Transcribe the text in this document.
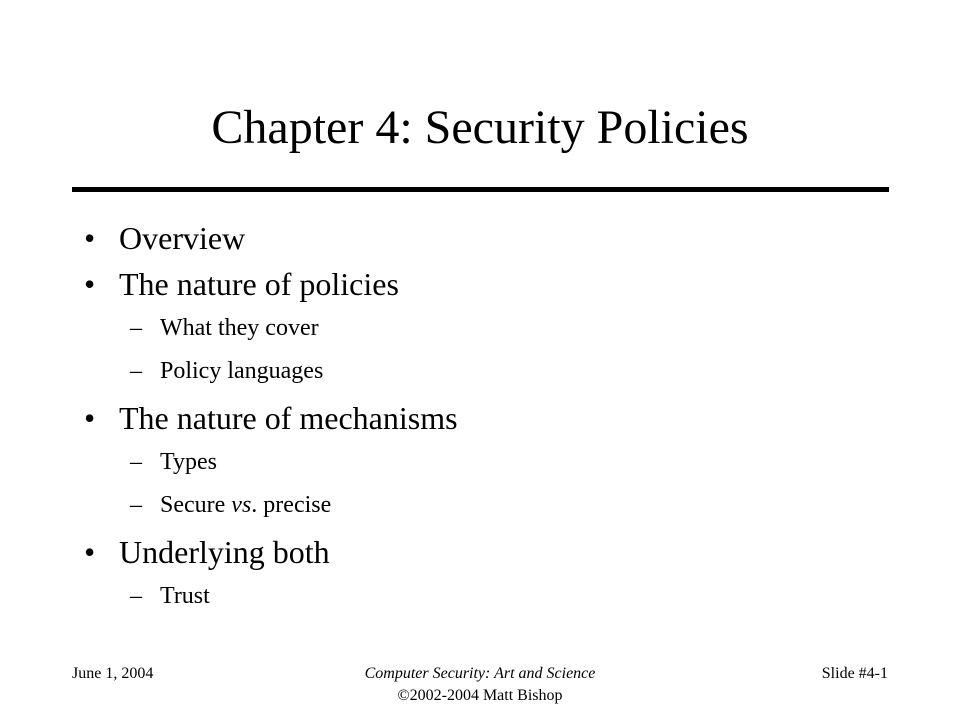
Chapter 4: Security Policies
• Overview
• The nature of policies
– What they cover
– Policy languages
• The nature of mechanisms
– Types
– Secure vs. precise
• Underlying both
– Trust
June 1, 2004	Computer Security: Art and Science
©2002-2004 Matt Bishop
Slide #4-1
